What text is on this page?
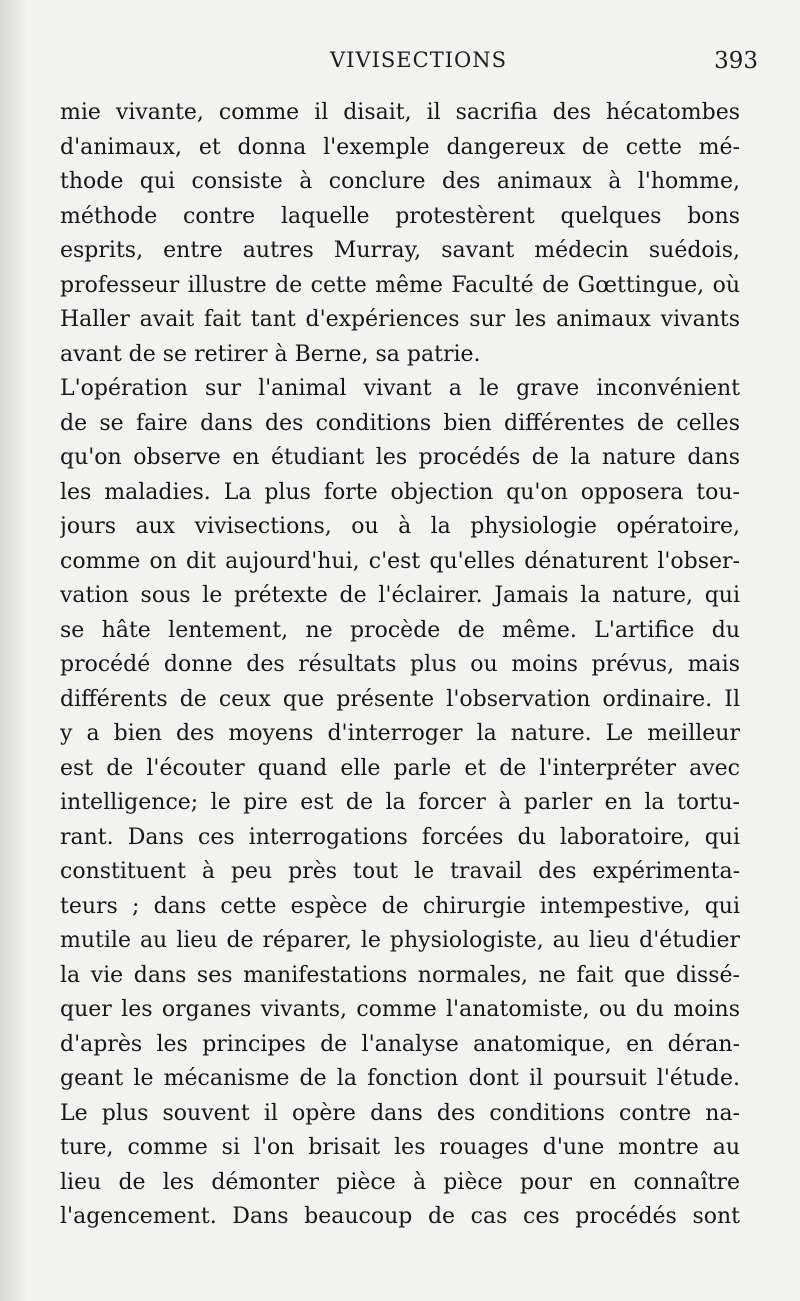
VIVISECTIONS	393
mie vivante, comme il disait, il sacrifia des hécatombes
d'animaux, et donna l'exemple dangereux de cette mé-
thode qui consiste à conclure des animaux à l'homme,
méthode contre laquelle protestèrent quelques bons
esprits, entre autres Murray, savant médecin suédois,
professeur illustre de cette même Faculté de Gœttingue, où
Haller avait fait tant d'expériences sur les animaux vivants
avant de se retirer à Berne, sa patrie.
L'opération sur l'animal vivant a le grave inconvénient
de se faire dans des conditions bien différentes de celles
qu'on observe en étudiant les procédés de la nature dans
les maladies. La plus forte objection qu'on opposera tou-
jours aux vivisections, ou à la physiologie opératoire,
comme on dit aujourd'hui, c'est qu'elles dénaturent l'obser-
vation sous le prétexte de l'éclairer. Jamais la nature, qui
se hâte lentement, ne procède de même. L'artifice du
procédé donne des résultats plus ou moins prévus, mais
différents de ceux que présente l'observation ordinaire. Il
y a bien des moyens d'interroger la nature. Le meilleur
est de l'écouter quand elle parle et de l'interpréter avec
intelligence; le pire est de la forcer à parler en la tortu-
rant. Dans ces interrogations forcées du laboratoire, qui
constituent à peu près tout le travail des expérimenta-
teurs ; dans cette espèce de chirurgie intempestive, qui
mutile au lieu de réparer, le physiologiste, au lieu d'étudier
la vie dans ses manifestations normales, ne fait que dissé-
quer les organes vivants, comme l'anatomiste, ou du moins
d'après les principes de l'analyse anatomique, en déran-
geant le mécanisme de la fonction dont il poursuit l'étude.
Le plus souvent il opère dans des conditions contre na-
ture, comme si l'on brisait les rouages d'une montre au
lieu de les démonter pièce à pièce pour en connaître
l'agencement. Dans beaucoup de cas ces procédés sont
